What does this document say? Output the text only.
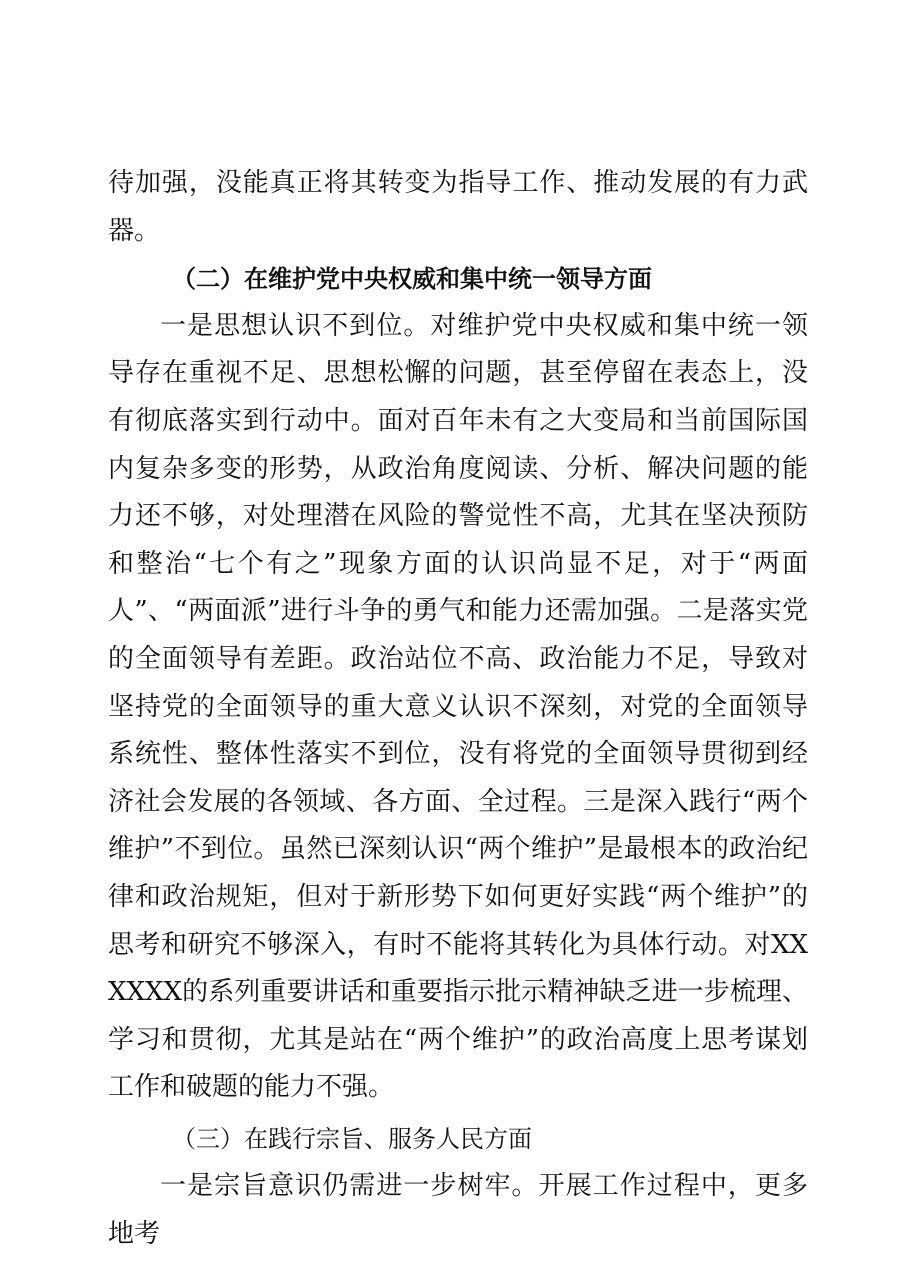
待加强，没能真正将其转变为指导工作、推动发展的有力武器。

（二）在维护党中央权威和集中统一领导方面

一是思想认识不到位。对维护党中央权威和集中统一领导存在重视不足、思想松懈的问题，甚至停留在表态上，没有彻底落实到行动中。面对百年未有之大变局和当前国际国内复杂多变的形势，从政治角度阅读、分析、解决问题的能力还不够，对处理潜在风险的警觉性不高，尤其在坚决预防和整治“七个有之”现象方面的认识尚显不足，对于“两面人”、“两面派”进行斗争的勇气和能力还需加强。二是落实党的全面领导有差距。政治站位不高、政治能力不足，导致对坚持党的全面领导的重大意义认识不深刻，对党的全面领导系统性、整体性落实不到位，没有将党的全面领导贯彻到经济社会发展的各领域、各方面、全过程。三是深入践行“两个维护”不到位。虽然已深刻认识“两个维护”是最根本的政治纪律和政治规矩，但对于新形势下如何更好实践“两个维护”的思考和研究不够深入，有时不能将其转化为具体行动。对XXXXXX的系列重要讲话和重要指示批示精神缺乏进一步梳理、学习和贯彻，尤其是站在“两个维护”的政治高度上思考谋划工作和破题的能力不强。

（三）在践行宗旨、服务人民方面

一是宗旨意识仍需进一步树牢。开展工作过程中，更多地考
